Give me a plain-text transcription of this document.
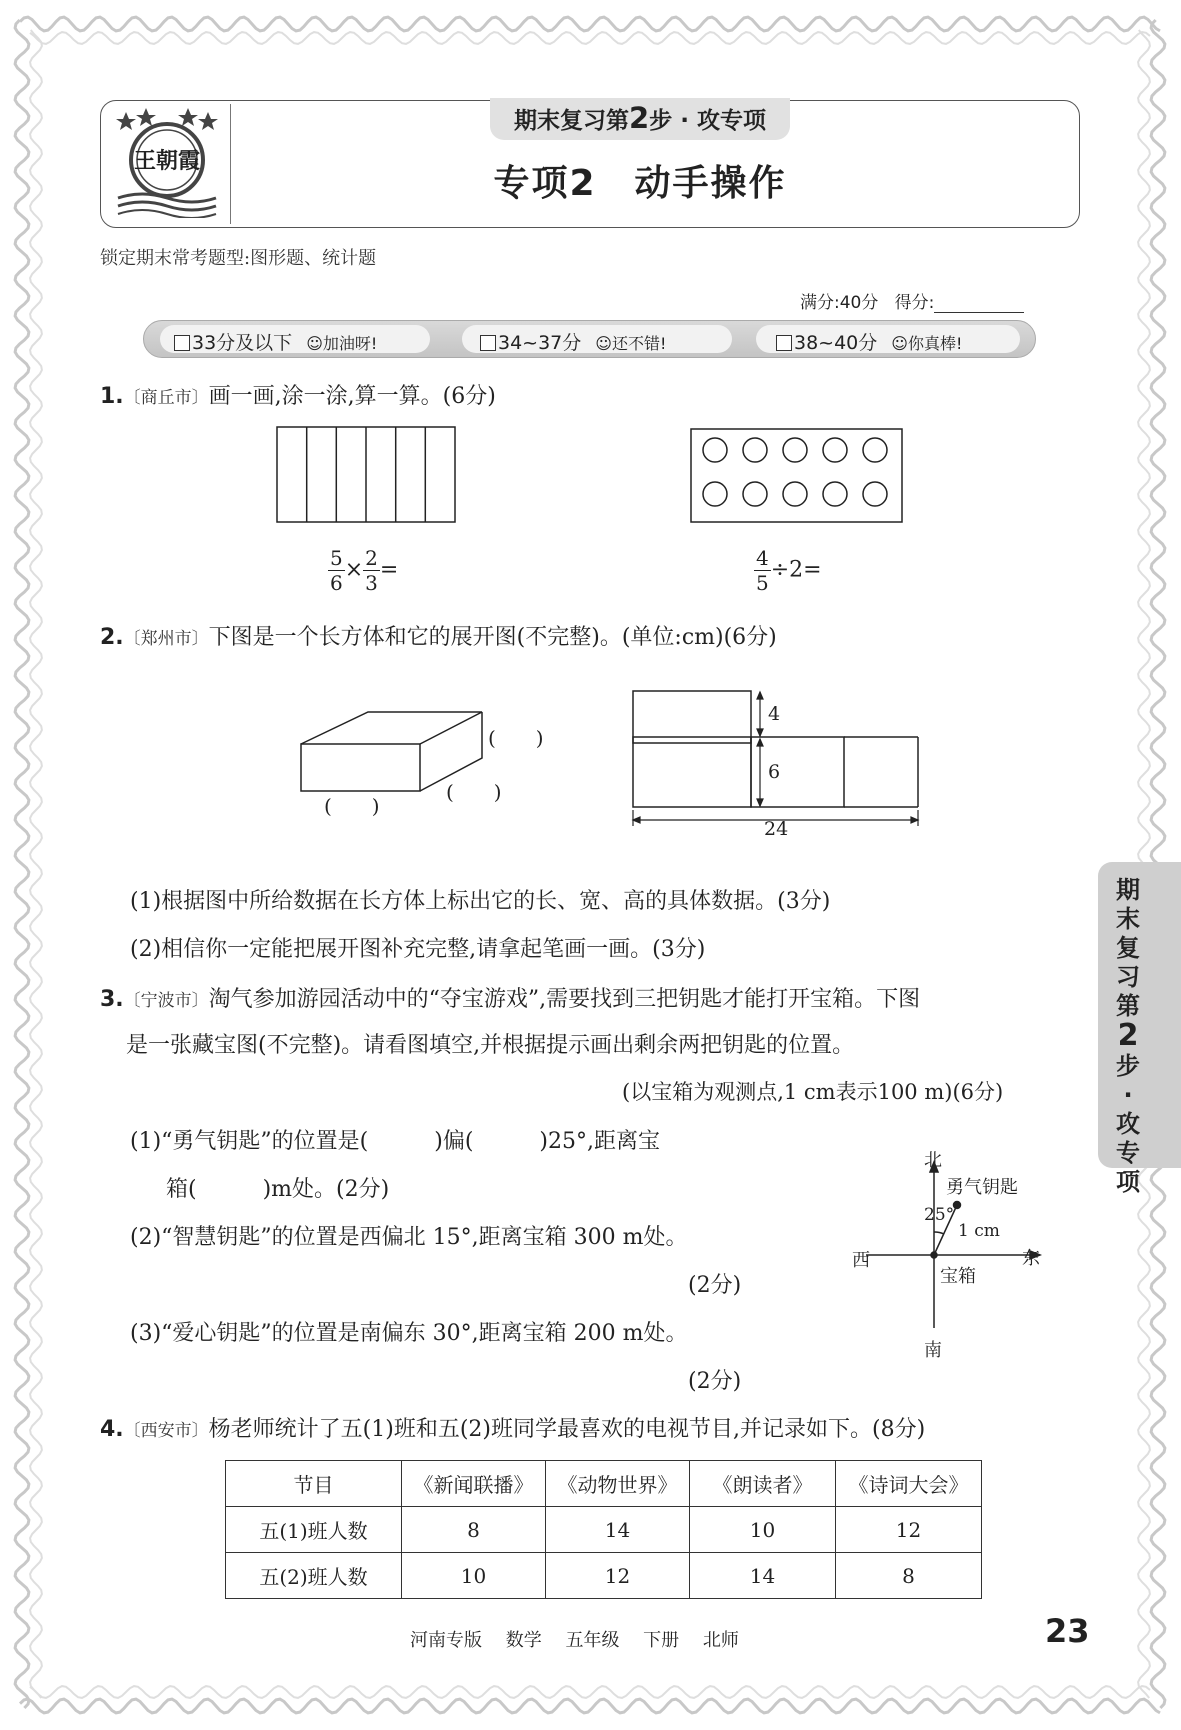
王朝霞
期末复习第2步 · 攻专项
专项2　动手操作
锁定期末常考题型:图形题、统计题
满分:40分 得分:
33分及以下 ☺加油呀!	34~37分 ☺还不错!	38~40分 ☺你真棒!
1.〔商丘市〕画一画,涂一涂,算一算。(6分)
$\frac{5}{6} \times \frac{2}{3}$ =	$\frac{4}{5} \div 2=$
2.〔郑州市〕下图是一个长方体和它的展开图(不完整)。(单位:cm)(6分)
(　　)
(　　)
(　　)
4
6
24
(1)根据图中所给数据在长方体上标出它的长、宽、高的具体数据。(3分)
(2)相信你一定能把展开图补充完整,请拿起笔画一画。(3分)
3.〔宁波市〕淘气参加游园活动中的“夺宝游戏”,需要找到三把钥匙才能打开宝箱。下图
是一张藏宝图(不完整)。请看图填空,并根据提示画出剩余两把钥匙的位置。
(以宝箱为观测点,1 cm表示100 m)(6分)
(1)“勇气钥匙”的位置是(　　　)偏(　　　)25°,距离宝
箱(　　　)m处。(2分)
(2)“智慧钥匙”的位置是西偏北 15°,距离宝箱 300 m处。
(2分)
(3)“爱心钥匙”的位置是南偏东 30°,距离宝箱 200 m处。
(2分)
北
南
西	东
勇气钥匙
25°
1 cm
宝箱
4.〔西安市〕杨老师统计了五(1)班和五(2)班同学最喜欢的电视节目,并记录如下。(8分)
节目	《新闻联播》	《动物世界》	《朗读者》	《诗词大会》
五(1)班人数	8	14	10	12
五(2)班人数	10	12	14	8
期
末
复
习
第
2
步
·
攻
专
项
河南专版 数学 五年级 下册 北师	23
